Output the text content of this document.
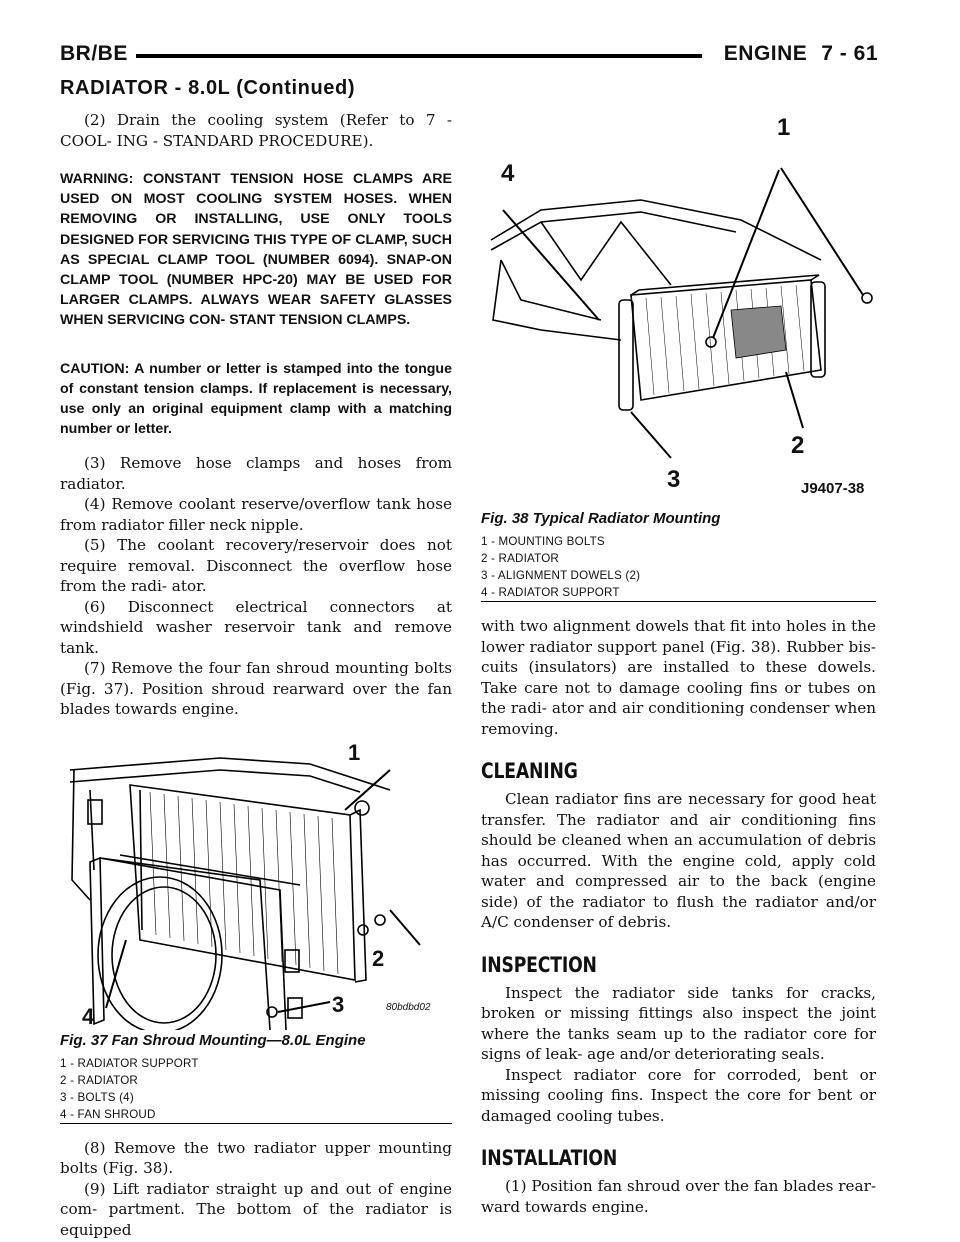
BR/BE	ENGINE 7 - 61
RADIATOR - 8.0L (Continued)

(2) Drain the cooling system (Refer to 7 - COOL- ING - STANDARD PROCEDURE).

WARNING: CONSTANT TENSION HOSE CLAMPS ARE USED ON MOST COOLING SYSTEM HOSES. WHEN REMOVING OR INSTALLING, USE ONLY TOOLS DESIGNED FOR SERVICING THIS TYPE OF CLAMP, SUCH AS SPECIAL CLAMP TOOL (NUMBER 6094). SNAP-ON CLAMP TOOL (NUMBER HPC-20) MAY BE USED FOR LARGER CLAMPS. ALWAYS WEAR SAFETY GLASSES WHEN SERVICING CON- STANT TENSION CLAMPS.

CAUTION: A number or letter is stamped into the tongue of constant tension clamps. If replacement is necessary, use only an original equipment clamp with a matching number or letter.

(3) Remove hose clamps and hoses from radiator.

(4) Remove coolant reserve/overflow tank hose from radiator filler neck nipple.

(5) The coolant recovery/reservoir does not require removal. Disconnect the overflow hose from the radi- ator.

(6) Disconnect electrical connectors at windshield washer reservoir tank and remove tank.

(7) Remove the four fan shroud mounting bolts (Fig. 37). Position shroud rearward over the fan blades towards engine.

1
2
3
4	80bdbd02
Fig. 37 Fan Shroud Mounting—8.0L Engine
1 - RADIATOR SUPPORT
2 - RADIATOR
3 - BOLTS (4)
4 - FAN SHROUD

(8) Remove the two radiator upper mounting bolts (Fig. 38).

(9) Lift radiator straight up and out of engine com- partment. The bottom of the radiator is equipped

1
2
3
4
J9407-38
Fig. 38 Typical Radiator Mounting
1 - MOUNTING BOLTS
2 - RADIATOR
3 - ALIGNMENT DOWELS (2)
4 - RADIATOR SUPPORT

with two alignment dowels that fit into holes in the lower radiator support panel (Fig. 38). Rubber bis- cuits (insulators) are installed to these dowels. Take care not to damage cooling fins or tubes on the radi- ator and air conditioning condenser when removing.

CLEANING

Clean radiator fins are necessary for good heat transfer. The radiator and air conditioning fins should be cleaned when an accumulation of debris has occurred. With the engine cold, apply cold water and compressed air to the back (engine side) of the radiator to flush the radiator and/or A/C condenser of debris.

INSPECTION

Inspect the radiator side tanks for cracks, broken or missing fittings also inspect the joint where the tanks seam up to the radiator core for signs of leak- age and/or deteriorating seals.

Inspect radiator core for corroded, bent or missing cooling fins. Inspect the core for bent or damaged cooling tubes.

INSTALLATION

(1) Position fan shroud over the fan blades rear- ward towards engine.
